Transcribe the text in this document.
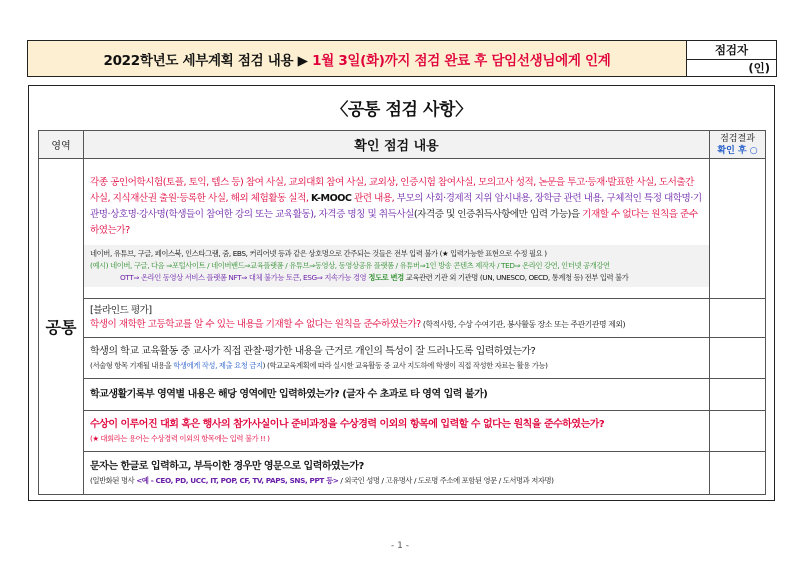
2022학년도 세부계획 점검 내용 ▶
1월 3일(화)까지 점검 완료 후 담임선생님에게 인계
점검자
(인)
〈공통 점검 사항〉
영역	확인 점검 내용	점검결과
확인 후 ○

공통	각종 공인어학시험(토플, 토익, 텝스 등) 참여 사실, 교외대회 참여 사실, 교외상, 인증시험 참여사실, 모의고사 성적, 논문을 투고·등재·발표한 사실, 도서출간 사실, 지식재산권 출원·등록한 사실, 해외 체험활동 실적, K-MOOC 관련 내용, 부모의 사회·경제적 지위 암시내용, 장학금 관련 내용, 구체적인 특정 대학명·기관명·상호명·강사명(학생들이 참여한 강의 또는 교육활동), 자격증 명칭 및 취득사실(자격증 및 인증취득사항에만 입력 가능)을 기재할 수 없다는 원칙을 준수하였는가?
네이버, 유튜브, 구글, 페이스북, 인스타그램, 줌, EBS, 커리어넷 등과 같은 상호명으로 간주되는 것들은 전부 입력 불가 (★ 입력가능한 표현으로 수정 필요 )
(예시) 네이버, 구글, 다음 ⇒포털사이트 / 네이버밴드⇒교육플랫폼 / 유튜브⇒동영상, 동영상공유 플랫폼 / 유튜버⇒1인 방송 콘텐츠 제작자 / TED⇒ 온라인 강연, 인터넷 공개강연
OTT⇒ 온라인 동영상 서비스 플랫폼 NFT⇒ 대체 불가능 토큰, ESG⇒ 지속가능 경영 정도로 변경 교육관련 기관 외 기관명 (UN, UNESCO, OECD, 통계청 등) 전부 입력 불가	

	[블라인드 평가]
학생이 재학한 고등학교를 알 수 있는 내용을 기재할 수 없다는 원칙을 준수하였는가? (학적사항, 수상 수여기관, 봉사활동 장소 또는 주관기관명 제외)	

	학생의 학교 교육활동 중 교사가 직접 관찰·평가한 내용을 근거로 개인의 특성이 잘 드러나도록 입력하였는가?
(서술형 항목 기재될 내용을 학생에게 작성, 제출 요청 금지) (학교교육계획에 따라 실시한 교육활동 중 교사 지도하에 학생이 직접 작성한 자료는 활용 가능)	

	학교생활기록부 영역별 내용은 해당 영역에만 입력하였는가? (글자 수 초과로 타 영역 입력 불가)	

	수상이 이루어진 대회 혹은 행사의 참가사실이나 준비과정을 수상경력 이외의 항목에 입력할 수 없다는 원칙을 준수하였는가?
(★ 대회라는 용어는 수상경력 이외의 항목에는 입력 불가 !! )	

	문자는 한글로 입력하고, 부득이한 경우만 영문으로 입력하였는가?
(일반화된 명사 <예 - CEO, PD, UCC, IT, POP, CF, TV, PAPS, SNS, PPT 등> / 외국인 성명 / 고유명사 / 도로명 주소에 포함된 영문 / 도서명과 저자명)	

- 1 -
